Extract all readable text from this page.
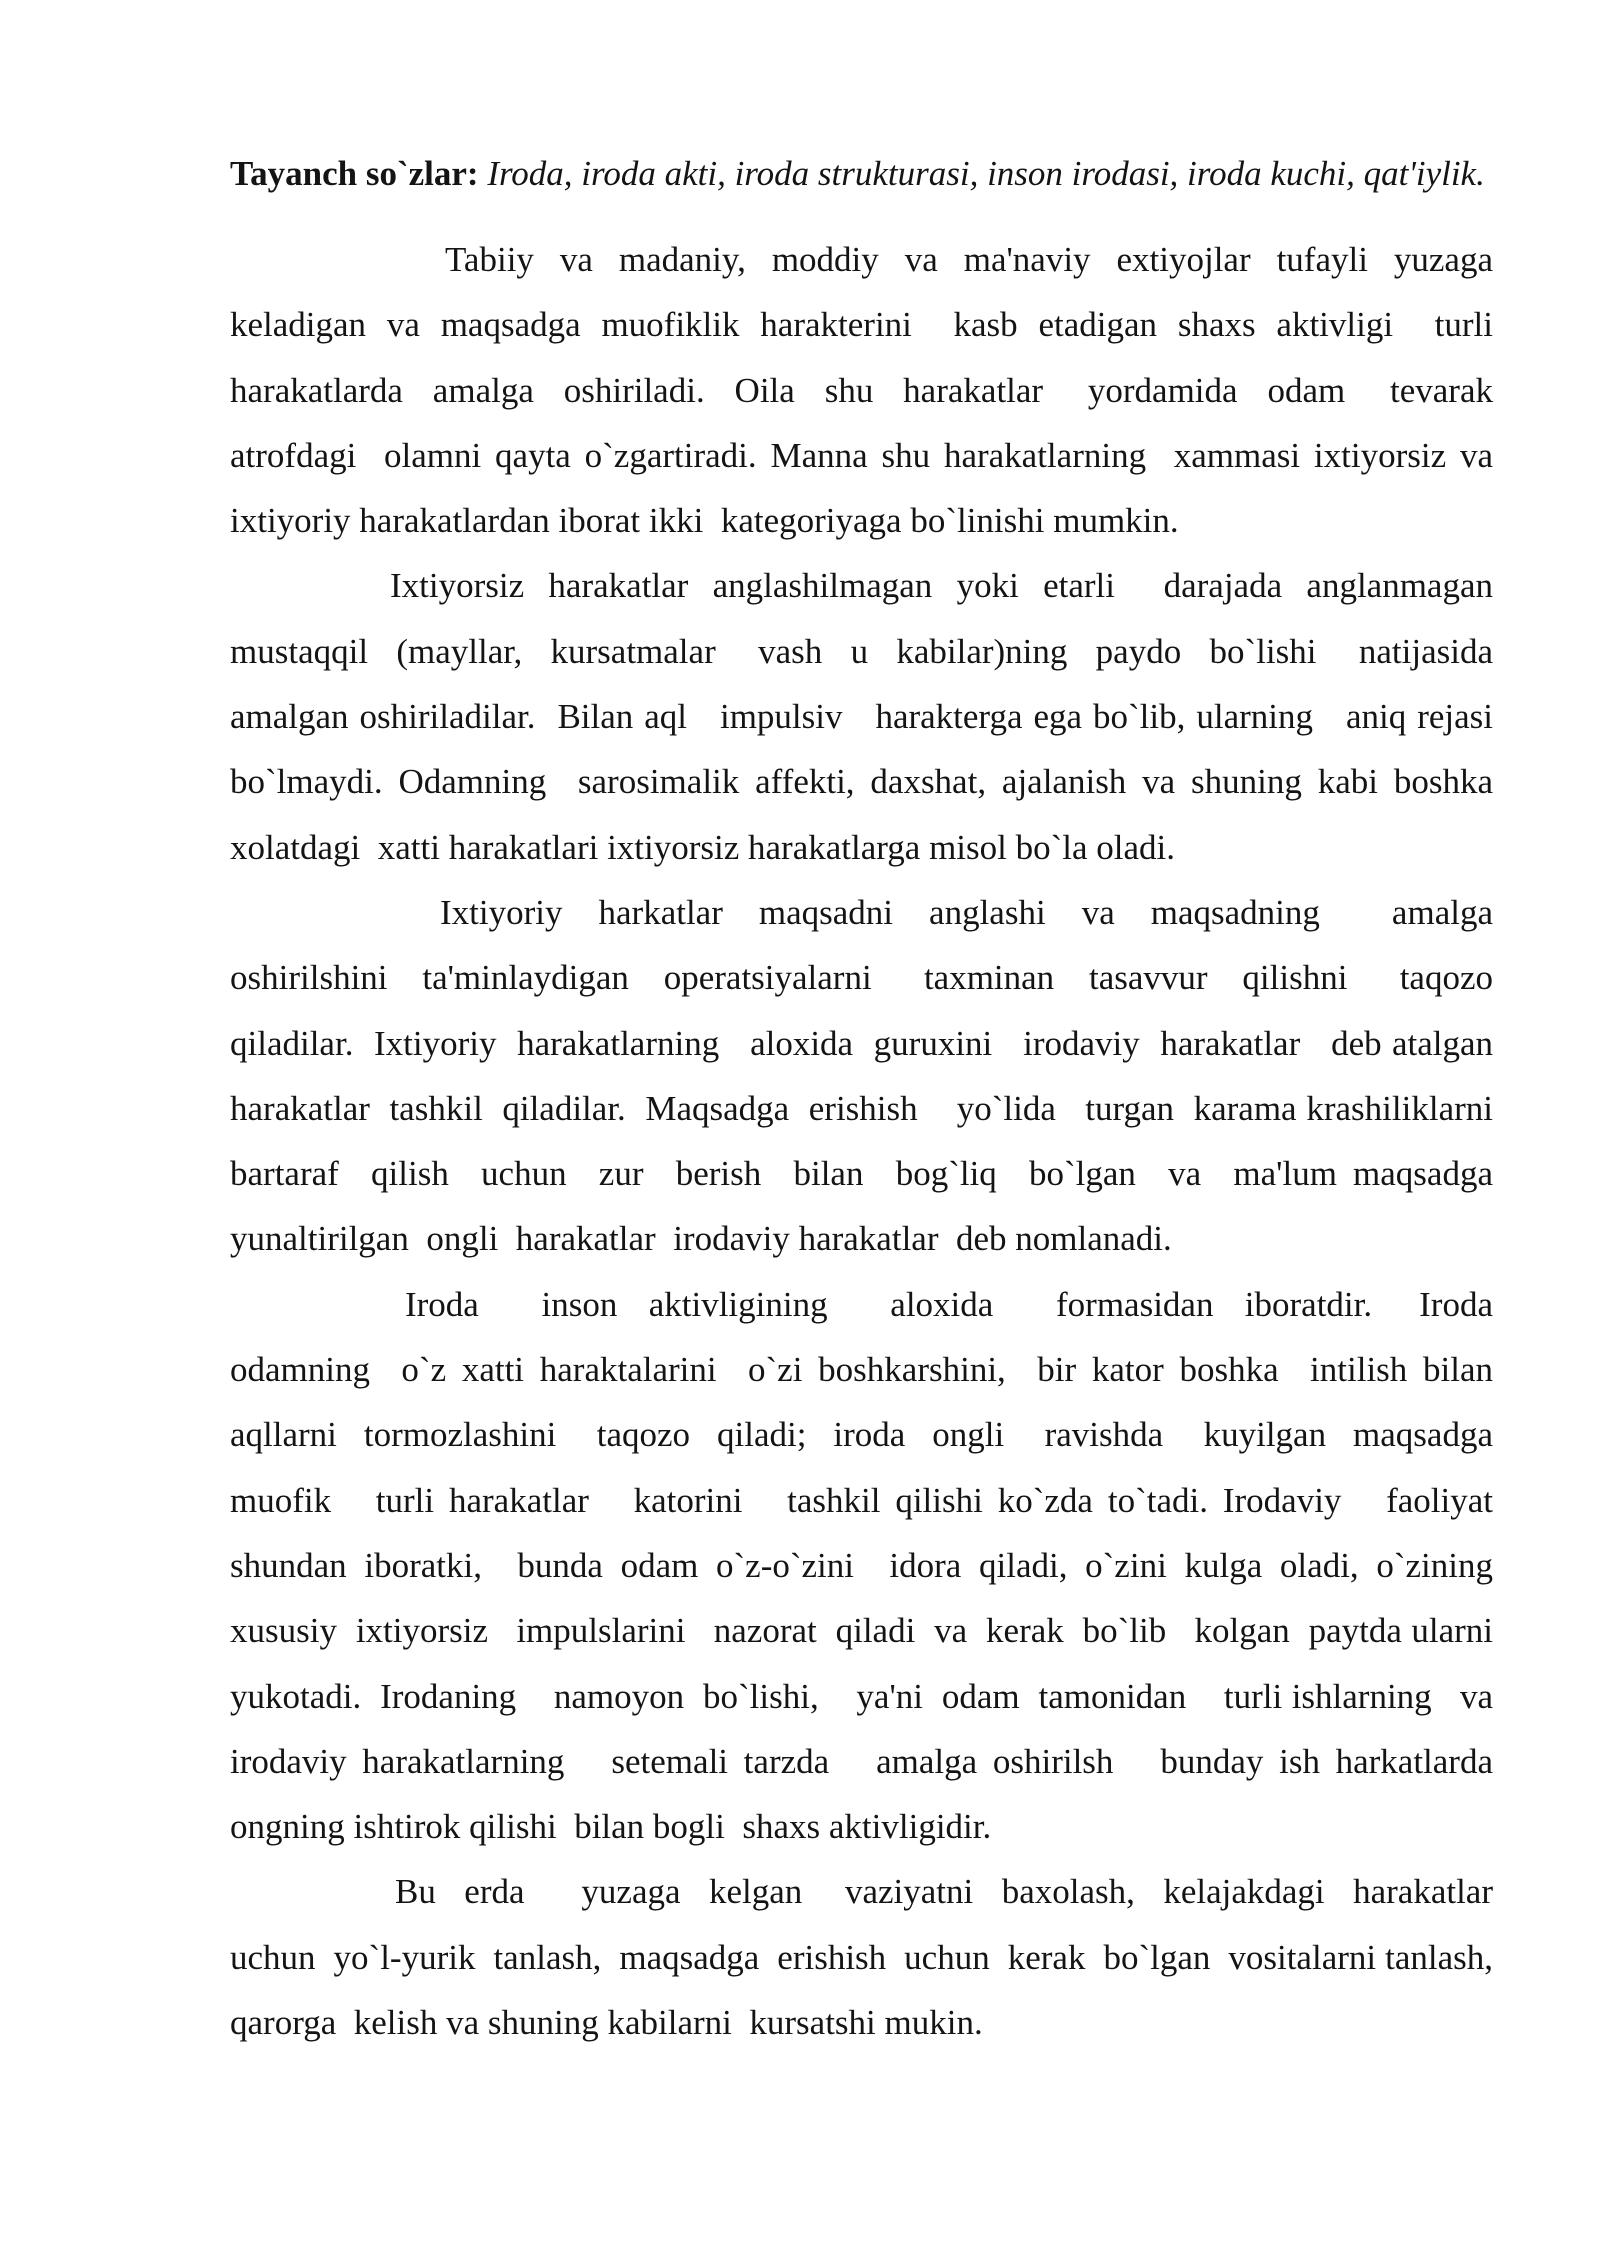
Tayanch so`zlar: Iroda, iroda akti, iroda strukturasi, inson irodasi, iroda kuchi, qat'iylik.

Tabiiy  va  madaniy,  moddiy  va  ma'naviy  extiyojlar  tufayli  yuzaga keladigan va maqsadga muofiklik harakterini  kasb etadigan shaxs aktivligi  turli harakatlarda  amalga  oshiriladi.  Oila  shu  harakatlar   yordamida  odam   tevarak atrofdagi  olamni qayta o`zgartiradi. Manna shu harakatlarning  xammasi ixtiyorsiz va ixtiyoriy harakatlardan iborat ikki  kategoriyaga bo`linishi mumkin.

Ixtiyorsiz harakatlar anglashilmagan yoki etarli  darajada anglanmagan mustaqqil  (mayllar,  kursatmalar   vash  u  kabilar)ning  paydo  bo`lishi   natijasida amalgan oshiriladilar.  Bilan aql   impulsiv   harakterga ega bo`lib, ularning   aniq rejasi bo`lmaydi. Odamning  sarosimalik affekti, daxshat, ajalanish va shuning kabi boshka  xolatdagi  xatti harakatlari ixtiyorsiz harakatlarga misol bo`la oladi.

Ixtiyoriy  harkatlar  maqsadni  anglashi  va  maqsadning    amalga oshirilshini  ta'minlaydigan  operatsiyalarni   taxminan  tasavvur  qilishni   taqozo qiladilar.  Ixtiyoriy  harakatlarning   aloxida  guruxini   irodaviy  harakatlar   deb atalgan  harakatlar  tashkil  qiladilar.  Maqsadga  erishish    yo`lida   turgan  karama krashiliklarni  bartaraf  qilish  uchun  zur  berish  bilan  bog`liq  bo`lgan  va  ma'lum maqsadga  yunaltirilgan  ongli  harakatlar  irodaviy harakatlar  deb nomlanadi.

Iroda    inson  aktivligining    aloxida    formasidan  iboratdir.   Iroda odamning  o`z xatti haraktalarini  o`zi boshkarshini,  bir kator boshka  intilish bilan aqllarni  tormozlashini   taqozo  qiladi;  iroda  ongli   ravishda   kuyilgan  maqsadga muofik   turli harakatlar   katorini   tashkil qilishi ko`zda to`tadi. Irodaviy   faoliyat shundan iboratki,  bunda odam o`z-o`zini  idora qiladi, o`zini kulga oladi, o`zining xususiy  ixtiyorsiz   impulslarini   nazorat  qiladi  va  kerak  bo`lib   kolgan  paytda ularni    yukotadi.  Irodaning    namoyon  bo`lishi,    ya'ni  odam  tamonidan    turli ishlarning   va irodaviy harakatlarning   setemali tarzda   amalga oshirilsh   bunday ish harkatlarda  ongning ishtirok qilishi  bilan bogli  shaxs aktivligidir.

Bu  erda    yuzaga  kelgan   vaziyatni  baxolash,  kelajakdagi  harakatlar uchun  yo`l-yurik  tanlash,  maqsadga  erishish  uchun  kerak  bo`lgan  vositalarni tanlash, qarorga  kelish va shuning kabilarni  kursatshi mukin.
